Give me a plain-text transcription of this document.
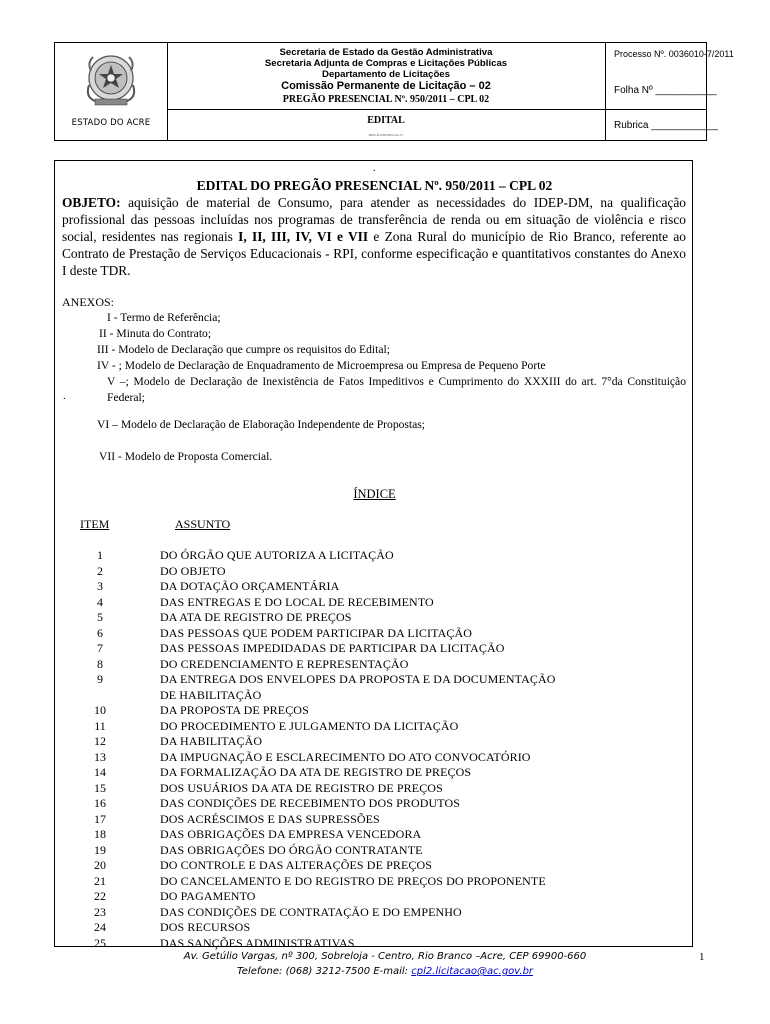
ESTADO DO ACRE
Secretaria de Estado da Gestão Administrativa
Secretaria Adjunta de Compras e Licitações Públicas
Departamento de Licitações
Comissão Permanente de Licitação – 02
PREGÃO PRESENCIAL Nº. 950/2011 – CPL 02
EDITAL
PREGÃO PRESENCIAL Nº
Processo Nº. 0036010-7/2011
Folha Nº ___________
Rubrica ____________
.
EDITAL DO PREGÃO PRESENCIAL Nº. 950/2011 – CPL 02
OBJETO: aquisição de material de Consumo, para atender as necessidades do IDEP-DM, na qualificação profissional das pessoas incluídas nos programas de transferência de renda ou em situação de violência e risco social, residentes nas regionais I, II, III, IV, VI e VII e Zona Rural do município de Rio Branco, referente ao Contrato de Prestação de Serviços Educacionais - RPI, conforme especificação e quantitativos constantes do Anexo I deste TDR.
ANEXOS:
I - Termo de Referência;
II - Minuta do Contrato;
III - Modelo de Declaração que cumpre os requisitos do Edital;
IV - ; Modelo de Declaração de Enquadramento de Microempresa ou Empresa de Pequeno Porte
V –; Modelo de Declaração de Inexistência de Fatos Impeditivos e Cumprimento do XXXIII do art. 7°da Constituição Federal;
.
VI – Modelo de Declaração de Elaboração Independente de Propostas;
VII - Modelo de Proposta Comercial.
ÍNDICE
ITEM	ASSUNTO
1	DO ÓRGÃO QUE AUTORIZA A LICITAÇÃO
2	DO OBJETO
3	DA DOTAÇÃO ORÇAMENTÁRIA
4	DAS ENTREGAS E DO LOCAL DE RECEBIMENTO
5	DA ATA DE REGISTRO DE PREÇOS
6	DAS PESSOAS QUE PODEM PARTICIPAR DA LICITAÇÃO
7	DAS PESSOAS IMPEDIDADAS DE PARTICIPAR DA LICITAÇÃO
8	DO CREDENCIAMENTO E REPRESENTAÇÃO
9	DA ENTREGA DOS ENVELOPES DA PROPOSTA E DA DOCUMENTAÇÃO
DE HABILITAÇÃO
10	DA PROPOSTA DE PREÇOS
11	DO PROCEDIMENTO E JULGAMENTO DA LICITAÇÃO
12	DA HABILITAÇÃO
13	DA IMPUGNAÇÃO E ESCLARECIMENTO DO ATO CONVOCATÓRIO
14	DA FORMALIZAÇÃO DA ATA DE REGISTRO DE PREÇOS
15	DOS USUÁRIOS DA ATA DE REGISTRO DE PREÇOS
16	DAS CONDIÇÕES DE RECEBIMENTO DOS PRODUTOS
17	DOS ACRÉSCIMOS E DAS SUPRESSÕES
18	DAS OBRIGAÇÕES DA EMPRESA VENCEDORA
19	DAS OBRIGAÇÕES DO ÓRGÃO CONTRATANTE
20	DO CONTROLE E DAS ALTERAÇÕES DE PREÇOS
21	DO CANCELAMENTO E DO REGISTRO DE PREÇOS DO PROPONENTE
22	DO PAGAMENTO
23	DAS CONDIÇÕES DE CONTRATAÇÃO E DO EMPENHO
24	DOS RECURSOS
25	DAS SANÇÕES ADMINISTRATIVAS
Av. Getúlio Vargas, nº 300, Sobreloja - Centro, Rio Branco –Acre, CEP 69900-660
Telefone: (068) 3212-7500 E-mail: cpl2.licitacao@ac.gov.br
1
